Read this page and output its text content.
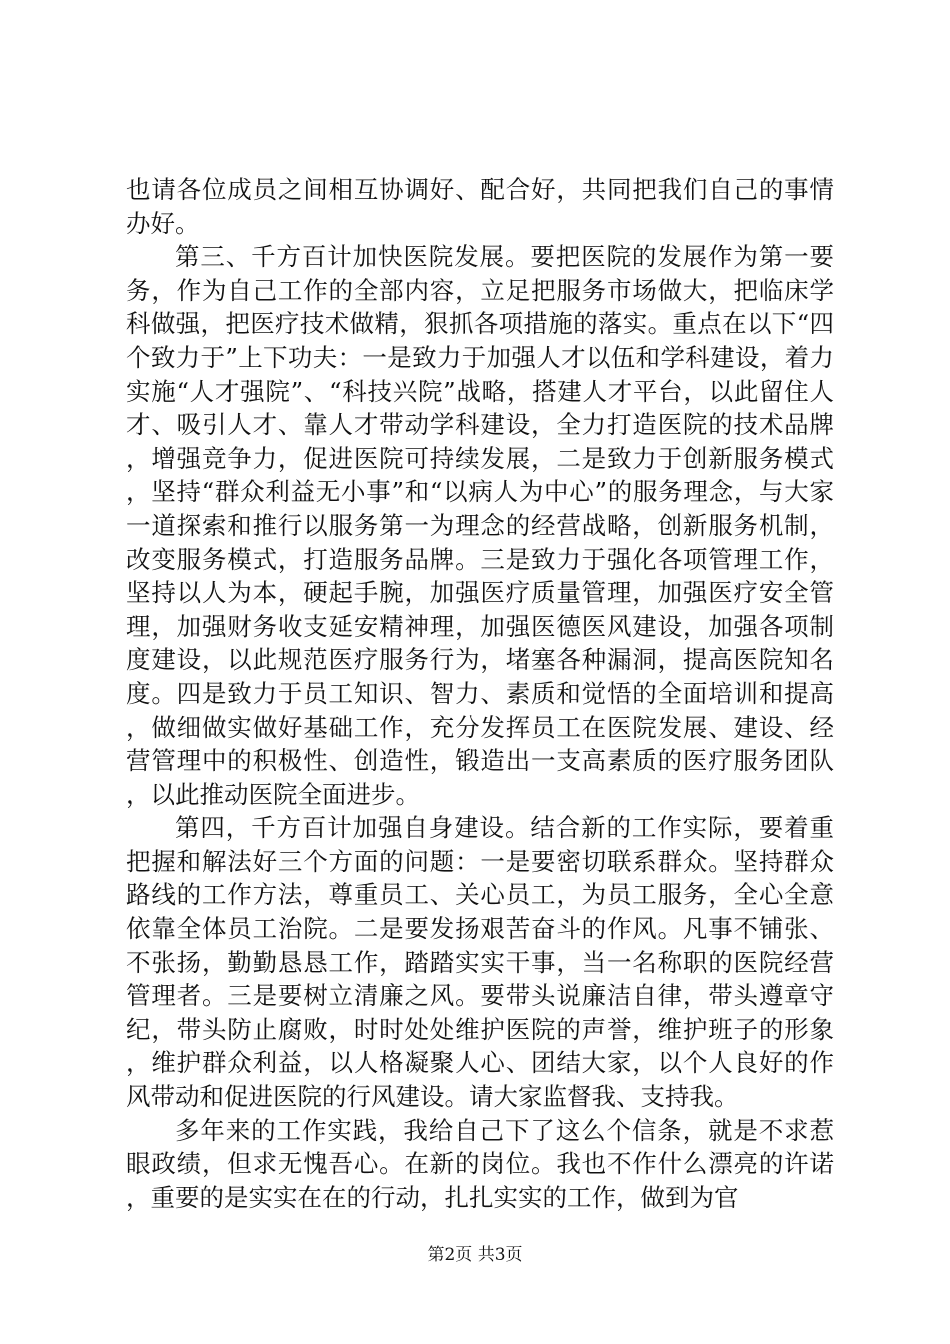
也请各位成员之间相互协调好、配合好，共同把我们自己的事情办好。

第三、千方百计加快医院发展。要把医院的发展作为第一要务，作为自己工作的全部内容，立足把服务市场做大，把临床学科做强，把医疗技术做精，狠抓各项措施的落实。重点在以下“四个致力于”上下功夫：一是致力于加强人才以伍和学科建设，着力实施“人才强院”、“科技兴院”战略，搭建人才平台，以此留住人才、吸引人才、靠人才带动学科建设，全力打造医院的技术品牌，增强竞争力，促进医院可持续发展，二是致力于创新服务模式，坚持“群众利益无小事”和“以病人为中心”的服务理念，与大家一道探索和推行以服务第一为理念的经营战略，创新服务机制，改变服务模式，打造服务品牌。三是致力于强化各项管理工作，坚持以人为本，硬起手腕，加强医疗质量管理，加强医疗安全管理，加强财务收支延安精神理，加强医德医风建设，加强各项制度建设，以此规范医疗服务行为，堵塞各种漏洞，提高医院知名度。四是致力于员工知识、智力、素质和觉悟的全面培训和提高，做细做实做好基础工作，充分发挥员工在医院发展、建设、经营管理中的积极性、创造性，锻造出一支高素质的医疗服务团队，以此推动医院全面进步。

第四，千方百计加强自身建设。结合新的工作实际，要着重把握和解法好三个方面的问题：一是要密切联系群众。坚持群众路线的工作方法，尊重员工、关心员工，为员工服务，全心全意依靠全体员工治院。二是要发扬艰苦奋斗的作风。凡事不铺张、不张扬，勤勤恳恳工作，踏踏实实干事，当一名称职的医院经营管理者。三是要树立清廉之风。要带头说廉洁自律，带头遵章守纪，带头防止腐败，时时处处维护医院的声誉，维护班子的形象，维护群众利益，以人格凝聚人心、团结大家，以个人良好的作风带动和促进医院的行风建设。请大家监督我、支持我。

多年来的工作实践，我给自己下了这么个信条，就是不求惹眼政绩，但求无愧吾心。在新的岗位。我也不作什么漂亮的许诺，重要的是实实在在的行动，扎扎实实的工作，做到为官

第2页 共3页
